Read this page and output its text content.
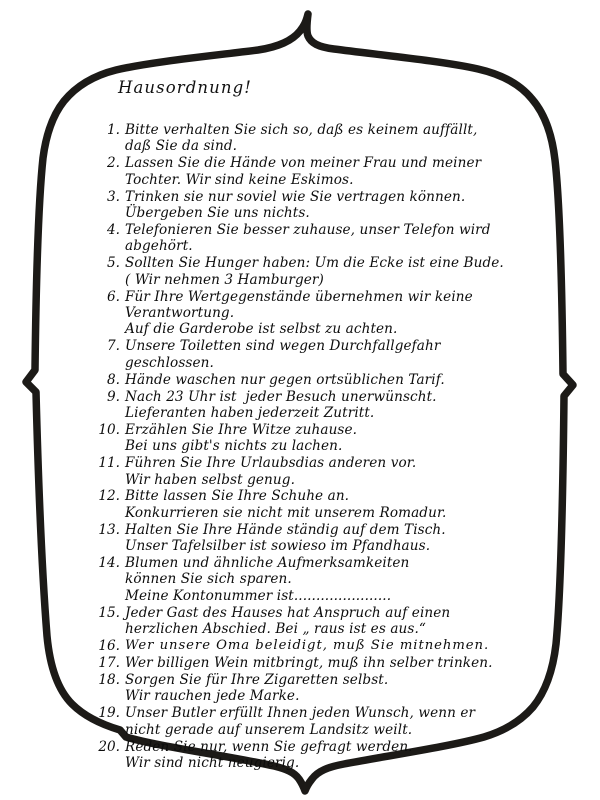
Hausordnung!
1. Bitte verhalten Sie sich so, daß es keinem auffällt,
daß Sie da sind.
2. Lassen Sie die Hände von meiner Frau und meiner
Tochter. Wir sind keine Eskimos.
3. Trinken sie nur soviel wie Sie vertragen können.
Übergeben Sie uns nichts.
4. Telefonieren Sie besser zuhause, unser Telefon wird
abgehört.
5. Sollten Sie Hunger haben: Um die Ecke ist eine Bude.
( Wir nehmen 3 Hamburger)
6. Für Ihre Wertgegenstände übernehmen wir keine
Verantwortung.
Auf die Garderobe ist selbst zu achten.
7. Unsere Toiletten sind wegen Durchfallgefahr
geschlossen.
8. Hände waschen nur gegen ortsüblichen Tarif.
9. Nach 23 Uhr ist  jeder Besuch unerwünscht.
Lieferanten haben jederzeit Zutritt.
10. Erzählen Sie Ihre Witze zuhause.
Bei uns gibt's nichts zu lachen.
11. Führen Sie Ihre Urlaubsdias anderen vor.
Wir haben selbst genug.
12. Bitte lassen Sie Ihre Schuhe an.
Konkurrieren sie nicht mit unserem Romadur.
13. Halten Sie Ihre Hände ständig auf dem Tisch.
Unser Tafelsilber ist sowieso im Pfandhaus.
14. Blumen und ähnliche Aufmerksamkeiten
können Sie sich sparen.
Meine Kontonummer ist......................
15. Jeder Gast des Hauses hat Anspruch auf einen
herzlichen Abschied. Bei „ raus ist es aus.“
16. Wer unsere Oma beleidigt, muß Sie mitnehmen.
17. Wer billigen Wein mitbringt, muß ihn selber trinken.
18. Sorgen Sie für Ihre Zigaretten selbst.
Wir rauchen jede Marke.
19. Unser Butler erfüllt Ihnen jeden Wunsch, wenn er
nicht gerade auf unserem Landsitz weilt.
20. Reden Sie nur, wenn Sie gefragt werden.
Wir sind nicht neugierig.
